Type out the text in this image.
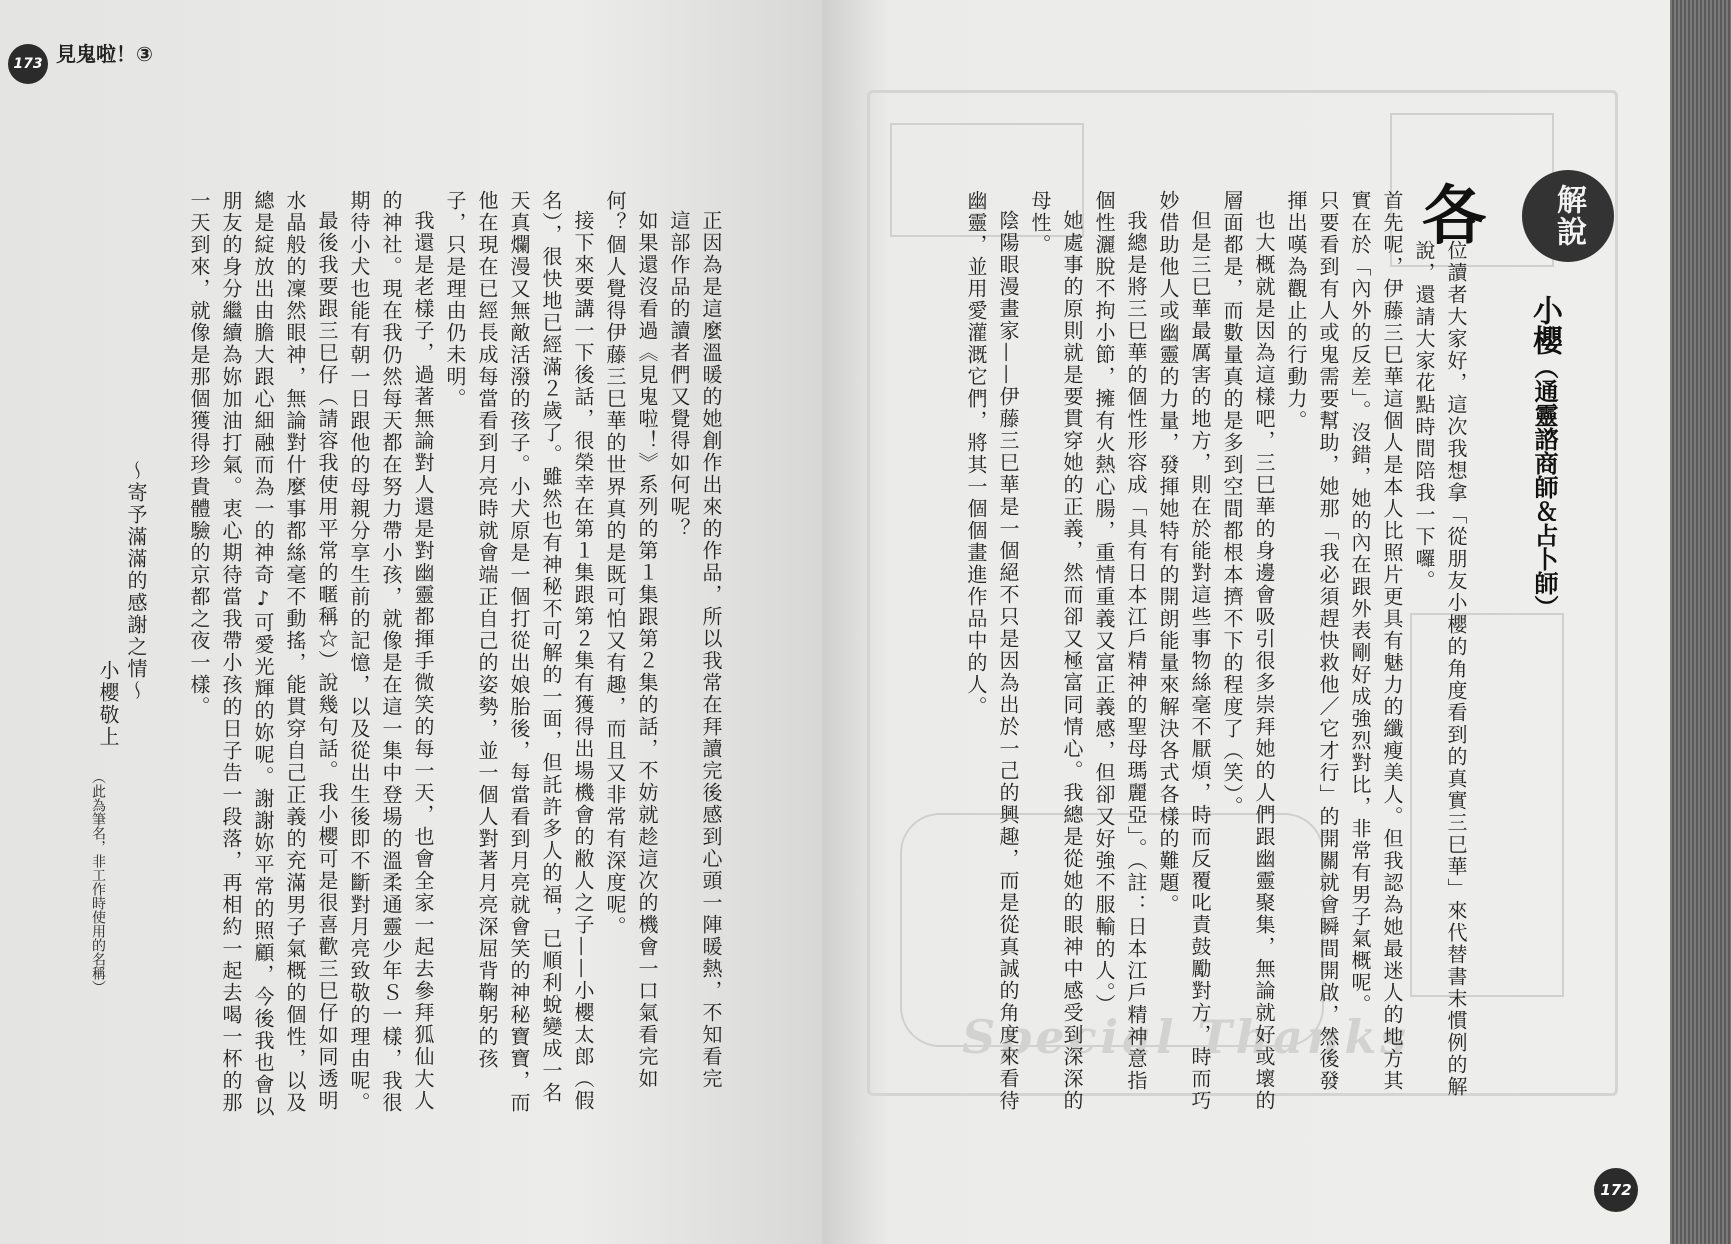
173 見鬼啦！③
正因為是這麼溫暖的她創作出來的作品，所以我常在拜讀完後感到心頭一陣暖熱，不知看完
這部作品的讀者們又覺得如何呢？
如果還沒看過《見鬼啦！》系列的第１集跟第２集的話，不妨就趁這次的機會一口氣看完如
何？個人覺得伊藤三巳華的世界真的是既可怕又有趣，而且又非常有深度呢。
接下來要講一下後話，很榮幸在第１集跟第２集有獲得出場機會的敝人之子——小櫻太郎（假
名），很快地已經滿２歲了。雖然也有神秘不可解的一面，但託許多人的福，已順利蛻變成一名
天真爛漫又無敵活潑的孩子。小犬原是一個打從出娘胎後，每當看到月亮就會笑的神秘寶寶，而
他在現在已經長成每當看到月亮時就會端正自己的姿勢，並一個人對著月亮深屈背鞠躬的孩
子，只是理由仍未明。
我還是老樣子，過著無論對人還是對幽靈都揮手微笑的每一天，也會全家一起去參拜狐仙大人
的神社。現在我仍然每天都在努力帶小孩，就像是在這一集中登場的溫柔通靈少年Ｓ一樣，我很
期待小犬也能有朝一日跟他的母親分享生前的記憶，以及從出生後即不斷對月亮致敬的理由呢。
最後我要跟三巳仔（請容我使用平常的暱稱☆）說幾句話。我小櫻可是很喜歡三巳仔如同透明
水晶般的凜然眼神，無論對什麼事都絲毫不動搖，能貫穿自己正義的充滿男子氣概的個性，以及
總是綻放出由膽大跟心細融而為一的神奇♪可愛光輝的妳呢。謝謝妳平常的照顧，今後我也會以
朋友的身分繼續為妳加油打氣。衷心期待當我帶小孩的日子告一段落，再相約一起去喝一杯的那
一天到來，就像是那個獲得珍貴體驗的京都之夜一樣。
～寄予滿滿的感謝之情～
小櫻敬上
（此為筆名，非工作時使用的名稱）
Special Thanks
解說
小櫻（通靈諮商師＆占卜師）
各
位讀者大家好，這次我想拿「從朋友小櫻的角度看到的真實三巳華」來代替書末慣例的解
說，還請大家花點時間陪我一下囉。
首先呢，伊藤三巳華這個人是本人比照片更具有魅力的纖瘦美人。但我認為她最迷人的地方其
實在於「內外的反差」。沒錯，她的內在跟外表剛好成強烈對比，非常有男子氣概呢。
只要看到有人或鬼需要幫助，她那「我必須趕快救他／它才行」的開關就會瞬間開啟，然後發
揮出嘆為觀止的行動力。
也大概就是因為這樣吧，三巳華的身邊會吸引很多崇拜她的人們跟幽靈聚集，無論就好或壞的
層面都是，而數量真的是多到空間都根本擠不下的程度了（笑）。
但是三巳華最厲害的地方，則在於能對這些事物絲毫不厭煩，時而反覆叱責鼓勵對方，時而巧
妙借助他人或幽靈的力量，發揮她特有的開朗能量來解決各式各樣的難題。
我總是將三巳華的個性形容成「具有日本江戶精神的聖母瑪麗亞」。（註：日本江戶精神意指
個性灑脫不拘小節，擁有火熱心腸，重情重義又富正義感，但卻又好強不服輸的人。）
她處事的原則就是要貫穿她的正義，然而卻又極富同情心。我總是從她的眼神中感受到深深的
母性。
陰陽眼漫畫家——伊藤三巳華是一個絕不只是因為出於一己的興趣，而是從真誠的角度來看待
幽靈，並用愛灌溉它們，將其一個個畫進作品中的人。
172
